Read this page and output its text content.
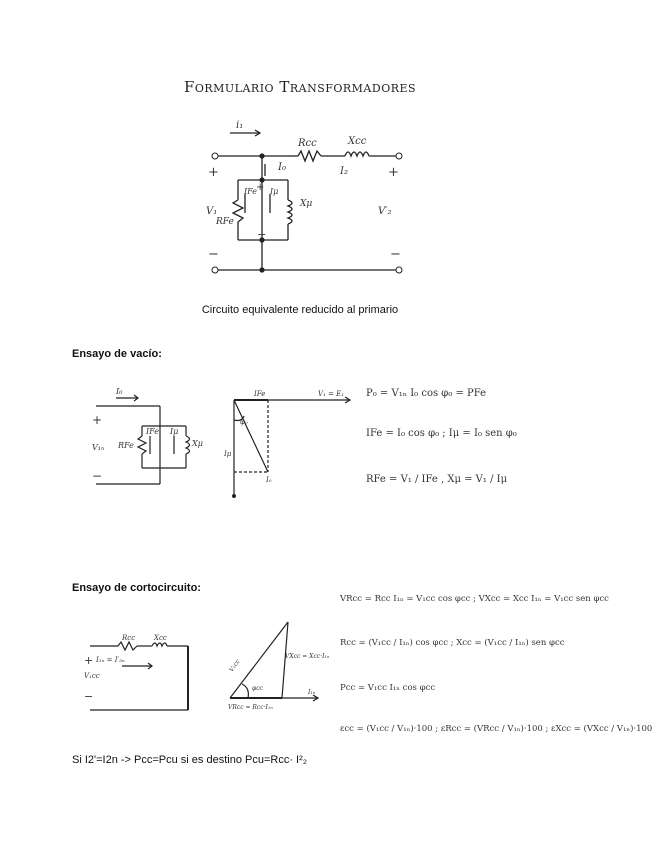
Formulario Transformadores
i₁
Rcc	Xcc
I₀	I₂
V₁	V′₂
IFe Iμ
RFe
Xμ
+	+
−	−
+
−
Circuito equivalente reducido al primario
Ensayo de vacío:
I₀
V₁ₙ
IFe Iμ
RFe	Xμ
+
−
IFe	V₁ = E₁
φ₀
Iμ
I₀
P₀ = V₁ₙ I₀ cos φ₀ = PFe
IFe = I₀ cos φ₀ ; Iμ = I₀ sen φ₀
RFe = V₁ / IFe , Xμ = V₁ / Iμ
Ensayo de cortocircuito:
Rcc	Xcc
I₁ₙ = I′₂ₙ
V₁cc
+
−
V₁cc
VXcc = Xcc·I₁ₙ
φcc
VRcc = Rcc·I₁ₙ
I₁ₙ
VRcc = Rcc I₁ₙ = V₁cc cos φcc ; VXcc = Xcc I₁ₙ = V₁cc sen φcc
Rcc = (V₁cc / I₁ₙ) cos φcc ; Xcc = (V₁cc / I₁ₙ) sen φcc
Pcc = V₁cc I₁ₙ cos φcc
εcc = (V₁cc / V₁ₙ)·100 ; εRcc = (VRcc / V₁ₙ)·100 ; εXcc = (VXcc / V₁ₙ)·100
Si I2'=I2n -> Pcc=Pcu si es destino Pcu=Rcc· I²₂
